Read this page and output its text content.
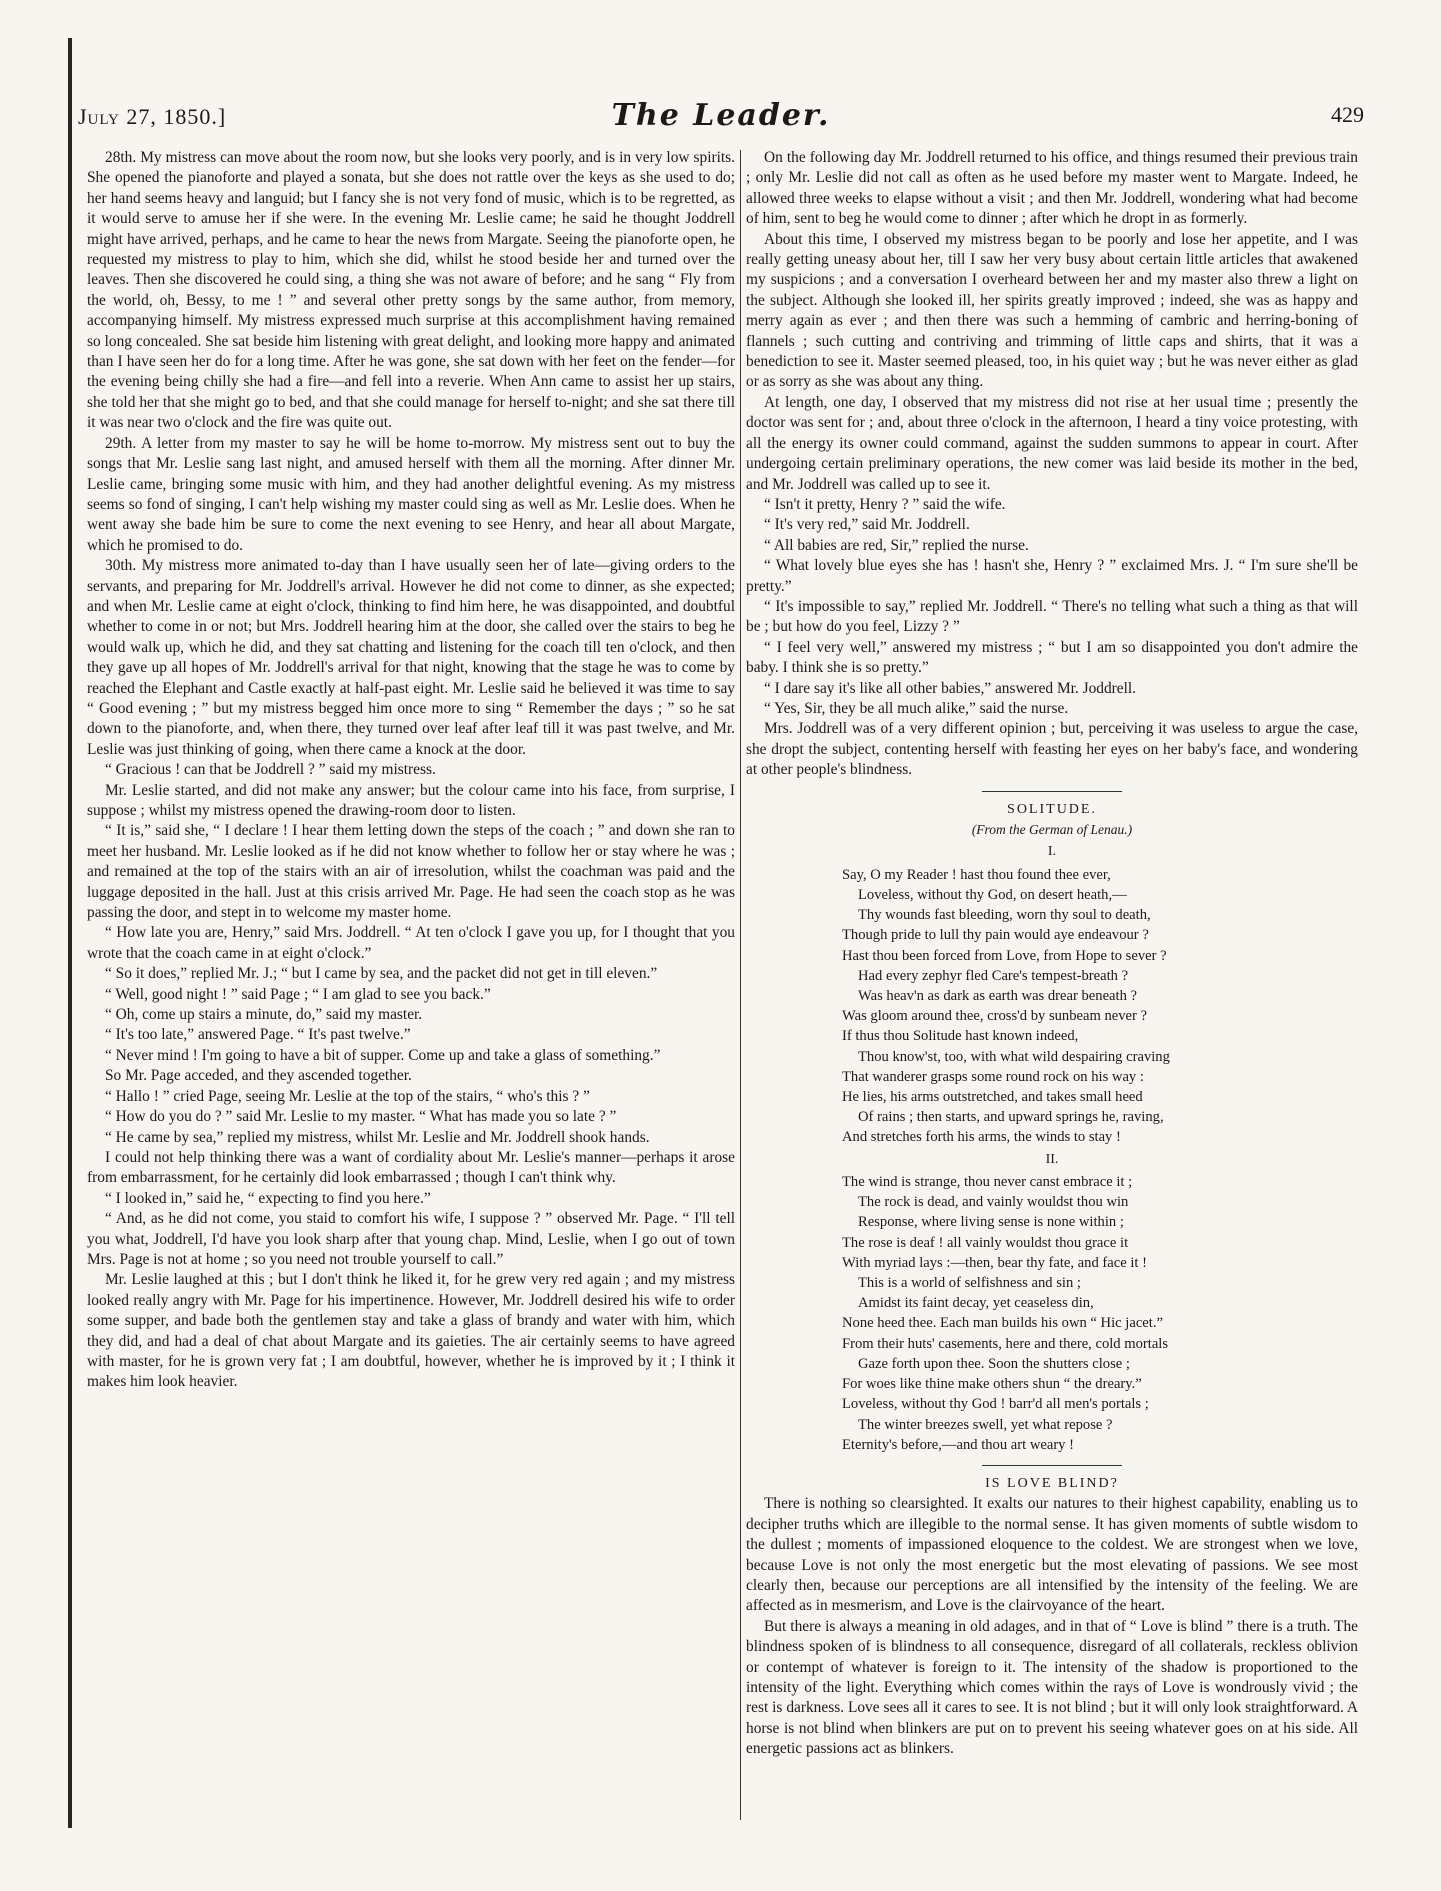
July 27, 1850.]	The Leader.	429

28th. My mistress can move about the room now, but she looks very poorly, and is in very low spirits. She opened the pianoforte and played a sonata, but she does not rattle over the keys as she used to do; her hand seems heavy and languid; but I fancy she is not very fond of music, which is to be regretted, as it would serve to amuse her if she were. In the evening Mr. Leslie came; he said he thought Joddrell might have arrived, perhaps, and he came to hear the news from Margate. Seeing the pianoforte open, he requested my mistress to play to him, which she did, whilst he stood beside her and turned over the leaves. Then she discovered he could sing, a thing she was not aware of before; and he sang “ Fly from the world, oh, Bessy, to me ! ” and several other pretty songs by the same author, from memory, accompanying himself. My mistress expressed much surprise at this accomplishment having remained so long concealed. She sat beside him listening with great delight, and looking more happy and animated than I have seen her do for a long time. After he was gone, she sat down with her feet on the fender—for the evening being chilly she had a fire—and fell into a reverie. When Ann came to assist her up stairs, she told her that she might go to bed, and that she could manage for herself to-night; and she sat there till it was near two o'clock and the fire was quite out.

29th. A letter from my master to say he will be home to-morrow. My mistress sent out to buy the songs that Mr. Leslie sang last night, and amused herself with them all the morning. After dinner Mr. Leslie came, bringing some music with him, and they had another delightful evening. As my mistress seems so fond of singing, I can't help wishing my master could sing as well as Mr. Leslie does. When he went away she bade him be sure to come the next evening to see Henry, and hear all about Margate, which he promised to do.

30th. My mistress more animated to-day than I have usually seen her of late—giving orders to the servants, and preparing for Mr. Joddrell's arrival. However he did not come to dinner, as she expected; and when Mr. Leslie came at eight o'clock, thinking to find him here, he was disappointed, and doubtful whether to come in or not; but Mrs. Joddrell hearing him at the door, she called over the stairs to beg he would walk up, which he did, and they sat chatting and listening for the coach till ten o'clock, and then they gave up all hopes of Mr. Joddrell's arrival for that night, knowing that the stage he was to come by reached the Elephant and Castle exactly at half-past eight. Mr. Leslie said he believed it was time to say “ Good evening ; ” but my mistress begged him once more to sing “ Remember the days ; ” so he sat down to the pianoforte, and, when there, they turned over leaf after leaf till it was past twelve, and Mr. Leslie was just thinking of going, when there came a knock at the door.

“ Gracious ! can that be Joddrell ? ” said my mistress.

Mr. Leslie started, and did not make any answer; but the colour came into his face, from surprise, I suppose ; whilst my mistress opened the drawing-room door to listen.

“ It is,” said she, “ I declare ! I hear them letting down the steps of the coach ; ” and down she ran to meet her husband. Mr. Leslie looked as if he did not know whether to follow her or stay where he was ; and remained at the top of the stairs with an air of irresolution, whilst the coachman was paid and the luggage deposited in the hall. Just at this crisis arrived Mr. Page. He had seen the coach stop as he was passing the door, and stept in to welcome my master home.

“ How late you are, Henry,” said Mrs. Joddrell. “ At ten o'clock I gave you up, for I thought that you wrote that the coach came in at eight o'clock.”

“ So it does,” replied Mr. J.; “ but I came by sea, and the packet did not get in till eleven.”

“ Well, good night ! ” said Page ; “ I am glad to see you back.”

“ Oh, come up stairs a minute, do,” said my master.

“ It's too late,” answered Page. “ It's past twelve.”

“ Never mind ! I'm going to have a bit of supper. Come up and take a glass of something.”

So Mr. Page acceded, and they ascended together.

“ Hallo ! ” cried Page, seeing Mr. Leslie at the top of the stairs, “ who's this ? ”

“ How do you do ? ” said Mr. Leslie to my master. “ What has made you so late ? ”

“ He came by sea,” replied my mistress, whilst Mr. Leslie and Mr. Joddrell shook hands.

I could not help thinking there was a want of cordiality about Mr. Leslie's manner—perhaps it arose from embarrassment, for he certainly did look embarrassed ; though I can't think why.

“ I looked in,” said he, “ expecting to find you here.”

“ And, as he did not come, you staid to comfort his wife, I suppose ? ” observed Mr. Page. “ I'll tell you what, Joddrell, I'd have you look sharp after that young chap. Mind, Leslie, when I go out of town Mrs. Page is not at home ; so you need not trouble yourself to call.”

Mr. Leslie laughed at this ; but I don't think he liked it, for he grew very red again ; and my mistress looked really angry with Mr. Page for his impertinence. However, Mr. Joddrell desired his wife to order some supper, and bade both the gentlemen stay and take a glass of brandy and water with him, which they did, and had a deal of chat about Margate and its gaieties. The air certainly seems to have agreed with master, for he is grown very fat ; I am doubtful, however, whether he is improved by it ; I think it makes him look heavier.

On the following day Mr. Joddrell returned to his office, and things resumed their previous train ; only Mr. Leslie did not call as often as he used before my master went to Margate. Indeed, he allowed three weeks to elapse without a visit ; and then Mr. Joddrell, wondering what had become of him, sent to beg he would come to dinner ; after which he dropt in as formerly.

About this time, I observed my mistress began to be poorly and lose her appetite, and I was really getting uneasy about her, till I saw her very busy about certain little articles that awakened my suspicions ; and a conversation I overheard between her and my master also threw a light on the subject. Although she looked ill, her spirits greatly improved ; indeed, she was as happy and merry again as ever ; and then there was such a hemming of cambric and herring-boning of flannels ; such cutting and contriving and trimming of little caps and shirts, that it was a benediction to see it. Master seemed pleased, too, in his quiet way ; but he was never either as glad or as sorry as she was about any thing.

At length, one day, I observed that my mistress did not rise at her usual time ; presently the doctor was sent for ; and, about three o'clock in the afternoon, I heard a tiny voice protesting, with all the energy its owner could command, against the sudden summons to appear in court. After undergoing certain preliminary operations, the new comer was laid beside its mother in the bed, and Mr. Joddrell was called up to see it.

“ Isn't it pretty, Henry ? ” said the wife.

“ It's very red,” said Mr. Joddrell.

“ All babies are red, Sir,” replied the nurse.

“ What lovely blue eyes she has ! hasn't she, Henry ? ” exclaimed Mrs. J. “ I'm sure she'll be pretty.”

“ It's impossible to say,” replied Mr. Joddrell. “ There's no telling what such a thing as that will be ; but how do you feel, Lizzy ? ”

“ I feel very well,” answered my mistress ; “ but I am so disappointed you don't admire the baby. I think she is so pretty.”

“ I dare say it's like all other babies,” answered Mr. Joddrell.

“ Yes, Sir, they be all much alike,” said the nurse.

Mrs. Joddrell was of a very different opinion ; but, perceiving it was useless to argue the case, she dropt the subject, contenting herself with feasting her eyes on her baby's face, and wondering at other people's blindness.

SOLITUDE.

(From the German of Lenau.)

I.

Say, O my Reader ! hast thou found thee ever,
Loveless, without thy God, on desert heath,—
Thy wounds fast bleeding, worn thy soul to death,
Though pride to lull thy pain would aye endeavour ?
Hast thou been forced from Love, from Hope to sever ?
Had every zephyr fled Care's tempest-breath ?
Was heav'n as dark as earth was drear beneath ?
Was gloom around thee, cross'd by sunbeam never ?
If thus thou Solitude hast known indeed,
Thou know'st, too, with what wild despairing craving
That wanderer grasps some round rock on his way :
He lies, his arms outstretched, and takes small heed
Of rains ; then starts, and upward springs he, raving,
And stretches forth his arms, the winds to stay !

II.

The wind is strange, thou never canst embrace it ;
The rock is dead, and vainly wouldst thou win
Response, where living sense is none within ;
The rose is deaf ! all vainly wouldst thou grace it
With myriad lays :—then, bear thy fate, and face it !
This is a world of selfishness and sin ;
Amidst its faint decay, yet ceaseless din,
None heed thee. Each man builds his own “ Hic jacet.”
From their huts' casements, here and there, cold mortals
Gaze forth upon thee. Soon the shutters close ;
For woes like thine make others shun “ the dreary.”
Loveless, without thy God ! barr'd all men's portals ;
The winter breezes swell, yet what repose ?
Eternity's before,—and thou art weary !

IS LOVE BLIND?

There is nothing so clearsighted. It exalts our natures to their highest capability, enabling us to decipher truths which are illegible to the normal sense. It has given moments of subtle wisdom to the dullest ; moments of impassioned eloquence to the coldest. We are strongest when we love, because Love is not only the most energetic but the most elevating of passions. We see most clearly then, because our perceptions are all intensified by the intensity of the feeling. We are affected as in mesmerism, and Love is the clairvoyance of the heart.

But there is always a meaning in old adages, and in that of “ Love is blind ” there is a truth. The blindness spoken of is blindness to all consequence, disregard of all collaterals, reckless oblivion or contempt of whatever is foreign to it. The intensity of the shadow is proportioned to the intensity of the light. Everything which comes within the rays of Love is wondrously vivid ; the rest is darkness. Love sees all it cares to see. It is not blind ; but it will only look straightforward. A horse is not blind when blinkers are put on to prevent his seeing whatever goes on at his side. All energetic passions act as blinkers.
